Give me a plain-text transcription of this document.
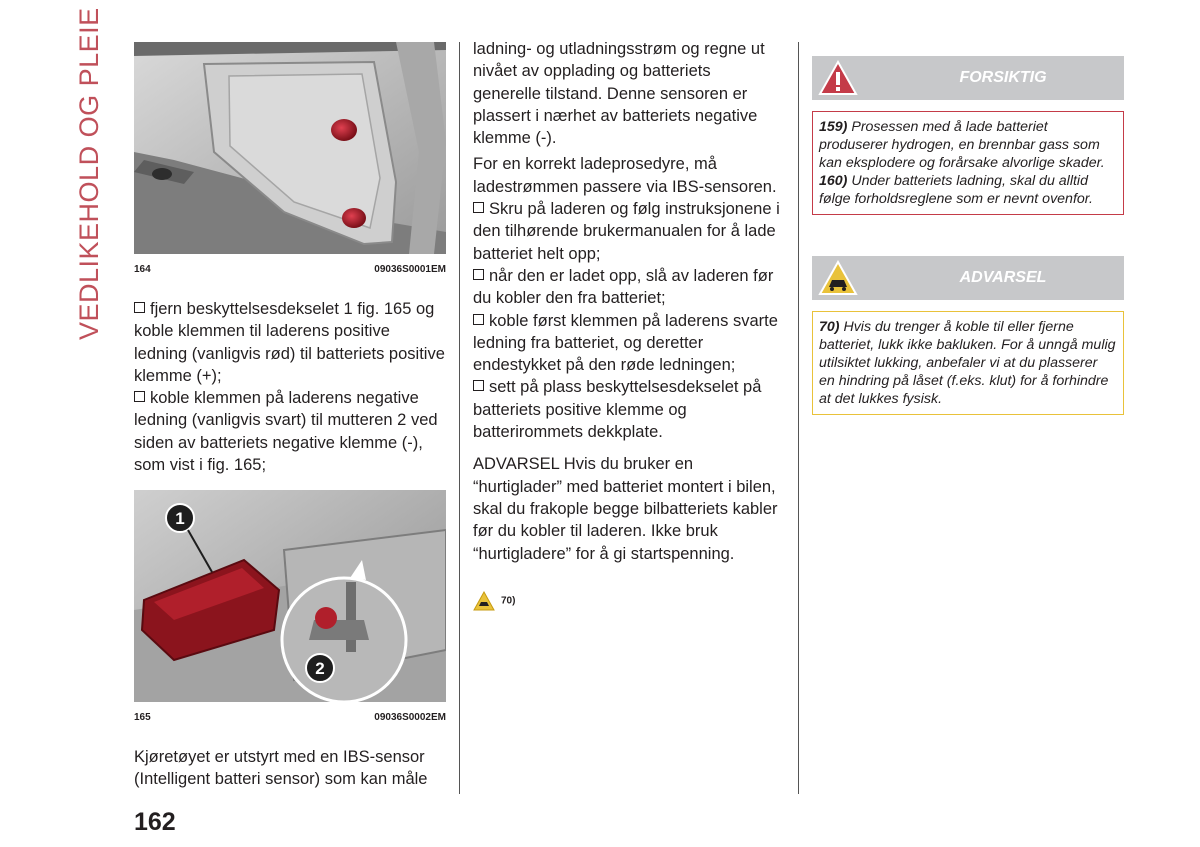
VEDLIKEHOLD OG PLEIE	164	09036S0001EM

fjern beskyttelsesdekselet 1 fig. 165 og koble klemmen til laderens positive ledning (vanligvis rød) til batteriets positive klemme (+);

koble klemmen på laderens negative ledning (vanligvis svart) til mutteren 2 ved siden av batteriets negative klemme (-), som vist i fig. 165;

1
2
165	09036S0002EM
Kjøretøyet er utstyrt med en IBS-sensor (Intelligent batteri sensor) som kan måle
162

ladning- og utladningsstrøm og regne ut nivået av opplading og batteriets generelle tilstand. Denne sensoren er plassert i nærhet av batteriets negative klemme (-).

For en korrekt ladeprosedyre, må ladestrømmen passere via IBS-sensoren.

Skru på laderen og følg instruksjonene i den tilhørende brukermanualen for å lade batteriet helt opp;

når den er ladet opp, slå av laderen før du kobler den fra batteriet;

koble først klemmen på laderens svarte ledning fra batteriet, og deretter endestykket på den røde ledningen;

sett på plass beskyttelsesdekselet på batteriets positive klemme og batterirommets dekkplate.

ADVARSEL Hvis du bruker en “hurtiglader” med batteriet montert i bilen, skal du frakople begge bilbatteriets kabler før du kobler til laderen. Ikke bruk “hurtigladere” for å gi startspenning.

70)
FORSIKTIG

159) Prosessen med å lade batteriet produserer hydrogen, en brennbar gass som kan eksplodere og forårsake alvorlige skader.

160) Under batteriets ladning, skal du alltid følge forholdsreglene som er nevnt ovenfor.

ADVARSEL

70) Hvis du trenger å koble til eller fjerne batteriet, lukk ikke bakluken. For å unngå mulig utilsiktet lukking, anbefaler vi at du plasserer en hindring på låset (f.eks. klut) for å forhindre at det lukkes fysisk.
